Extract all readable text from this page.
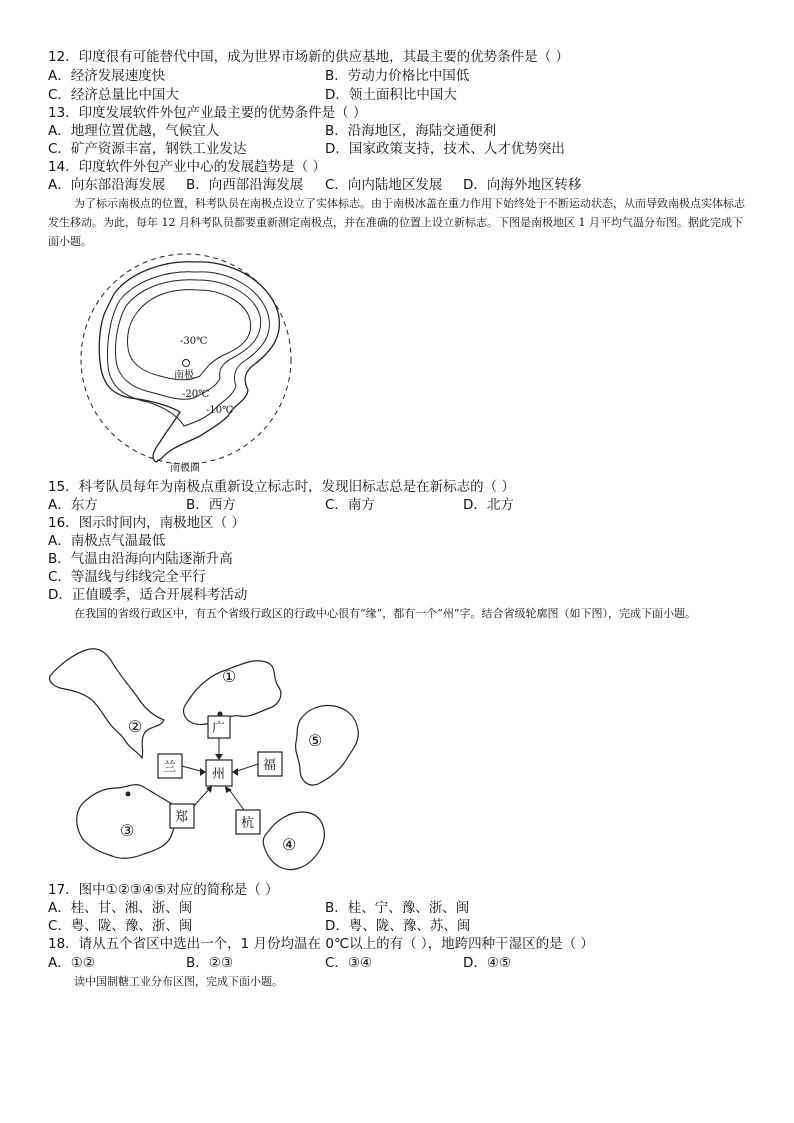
12．印度很有可能替代中国，成为世界市场新的供应基地，其最主要的优势条件是（ ）
A．经济发展速度快	B．劳动力价格比中国低
C．经济总量比中国大	D．领土面积比中国大
13．印度发展软件外包产业最主要的优势条件是（ ）
A．地理位置优越，气候宜人	B．沿海地区，海陆交通便利
C．矿产资源丰富，钢铁工业发达	D．国家政策支持，技术、人才优势突出
14．印度软件外包产业中心的发展趋势是（ ）
A．向东部沿海发展 B．向西部沿海发展 C．向内陆地区发展 D．向海外地区转移
为了标示南极点的位置，科考队员在南极点设立了实体标志。由于南极冰盖在重力作用下始终处于不断运动状态，从而导致南极点实体标志发生移动。为此，每年 12 月科考队员都要重新测定南极点，并在准确的位置上设立新标志。下图是南极地区 1 月平均气温分布图。据此完成下面小题。
-30℃
南极
-20℃
-10℃
南极圈
15．科考队员每年为南极点重新设立标志时，发现旧标志总是在新标志的（ ）
A．东方	B．西方	C．南方	D．北方
16．图示时间内，南极地区（ ）
A．南极点气温最低
B．气温由沿海向内陆逐渐升高
C．等温线与纬线完全平行
D．正值暖季，适合开展科考活动
在我国的省级行政区中，有五个省级行政区的行政中心很有“缘”，都有一个“州”字。结合省级轮廓图（如下图），完成下面小题。
州
广
兰	福
郑	杭
①
②
③
④
⑤
17．图中①②③④⑤对应的简称是（ ）
A．桂、甘、湘、浙、闽	B．桂、宁、豫、浙、闽
C．粤、陇、豫、浙、闽	D．粤、陇、豫、苏、闽
18．请从五个省区中选出一个，1 月份均温在 0℃以上的有（ ），地跨四种干湿区的是（ ）
A．①②	B．②③	C．③④	D．④⑤
读中国制糖工业分布区图，完成下面小题。
